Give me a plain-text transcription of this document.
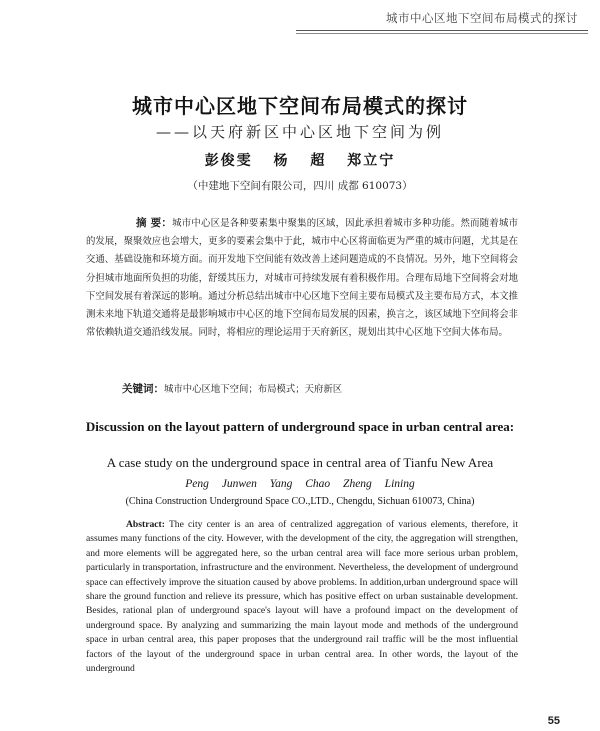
城市中心区地下空间布局模式的探讨
城市中心区地下空间布局模式的探讨
——以天府新区中心区地下空间为例
彭俊雯 杨 超 郑立宁
（中建地下空间有限公司，四川 成都 610073）
摘 要：城市中心区是各种要素集中聚集的区域，因此承担着城市多种功能。然而随着城市的发展，聚聚效应也会增大，更多的要素会集中于此，城市中心区将面临更为严重的城市问题，尤其是在交通、基础设施和环境方面。而开发地下空间能有效改善上述问题造成的不良情况。另外，地下空间将会分担城市地面所负担的功能，舒缓其压力，对城市可持续发展有着积极作用。合理布局地下空间将会对地下空间发展有着深远的影响。通过分析总结出城市中心区地下空间主要布局模式及主要布局方式，本文推测未来地下轨道交通将是最影响城市中心区的地下空间布局发展的因素，换言之，该区域地下空间将会非常依赖轨道交通沿线发展。同时，将相应的理论运用于天府新区，规划出其中心区地下空间大体布局。
关键词：城市中心区地下空间；布局模式；天府新区
Discussion on the layout pattern of underground space in urban central area:
A case study on the underground space in central area of Tianfu New Area
Peng Junwen Yang Chao Zheng Lining
(China Construction Underground Space CO.,LTD., Chengdu, Sichuan 610073, China)
Abstract: The city center is an area of centralized aggregation of various elements, therefore, it assumes many functions of the city. However, with the development of the city, the aggregation will strengthen, and more elements will be aggregated here, so the urban central area will face more serious urban problem, particularly in transportation, infrastructure and the environment. Nevertheless, the development of underground space can effectively improve the situation caused by above problems. In addition,urban underground space will share the ground function and relieve its pressure, which has positive effect on urban sustainable development. Besides, rational plan of underground space's layout will have a profound impact on the development of underground space. By analyzing and summarizing the main layout mode and methods of the underground space in urban central area, this paper proposes that the underground rail traffic will be the most influential factors of the layout of the underground space in urban central area. In other words, the layout of the underground
55
